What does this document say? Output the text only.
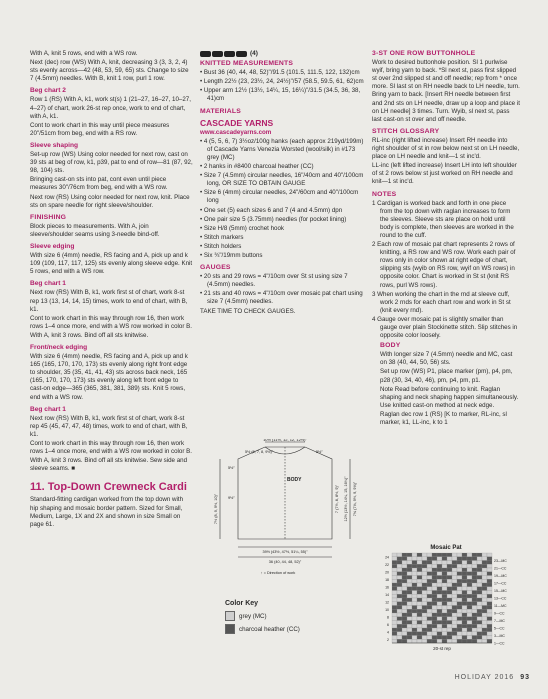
With A, knit 5 rows, end with a WS row.

Next (dec) row (WS) With A, knit, decreasing 3 (3, 3, 2, 4) sts evenly across—42 (48, 53, 59, 65) sts. Change to size 7 (4.5mm) needles. With B, knit 1 row, purl 1 row.

Beg chart 2

Row 1 (RS) With A, k1, work st(s) 1 (21–27, 16–27, 10–27, 4–27) of chart, work 26-st rep once, work to end of chart, with A, k1.

Cont to work chart in this way until piece measures 20"/51cm from beg, end with a RS row.

Sleeve shaping

Set-up row (WS) Using color needed for next row, cast on 39 sts at beg of row, k1, p39, pat to end of row—81 (87, 92, 98, 104) sts.

Bringing cast-on sts into pat, cont even until piece measures 30"/76cm from beg, end with a WS row.

Next row (RS) Using color needed for next row, knit. Place sts on spare needle for right sleeve/shoulder.

FINISHING

Block pieces to measurements. With A, join sleeve/shoulder seams using 3-needle bind-off.

Sleeve edging

With size 6 (4mm) needle, RS facing and A, pick up and k 109 (109, 117, 117, 125) sts evenly along sleeve edge. Knit 5 rows, end with a WS row.

Beg chart 1

Next row (RS) With B, k1, work first st of chart, work 8-st rep 13 (13, 14, 14, 15) times, work to end of chart, with B, k1.

Cont to work chart in this way through row 16, then work rows 1–4 once more, end with a WS row worked in color B.

With A, knit 3 rows. Bind off all sts knitwise.

Front/neck edging

With size 6 (4mm) needle, RS facing and A, pick up and k 165 (165, 170, 170, 173) sts evenly along right front edge to shoulder, 35 (35, 41, 41, 43) sts across back neck, 165 (165, 170, 170, 173) sts evenly along left front edge to cast-on edge—365 (365, 381, 381, 389) sts. Knit 5 rows, end with a WS row.

Beg chart 1

Next row (RS) With B, k1, work first st of chart, work 8-st rep 45 (45, 47, 47, 48) times, work to end of chart, with B, k1.

Cont to work chart in this way through row 16, then work rows 1–4 once more, end with a WS row worked in color B.

With A, knit 3 rows. Bind off all sts knitwise. Sew side and sleeve seams. ■

11. Top-Down Crewneck Cardi

Standard-fitting cardigan worked from the top down with hip shaping and mosaic border pattern. Sized for Small, Medium, Large, 1X and 2X and shown in size Small on page 61.

(4)

KNITTED MEASUREMENTS

• Bust 36 (40, 44, 48, 52)"/91.5 (101.5, 111.5, 122, 132)cm

• Length 22½ (23, 23½, 24, 24½)"/57 (58.5, 59.5, 61, 62)cm

• Upper arm 12½ (13½, 14¼, 15, 16¼)"/31.5 (34.5, 36, 38, 41)cm

MATERIALS

CASCADE YARNS

www.cascadeyarns.com

• 4 (5, 5, 6, 7) 3½oz/100g hanks (each approx 219yd/199m) of Cascade Yarns Venezia Worsted (wool/silk) in #173 grey (MC)

• 2 hanks in #8400 charcoal heather (CC)

• Size 7 (4.5mm) circular needles, 16"/40cm and 40"/100cm long, OR SIZE TO OBTAIN GAUGE

• Size 6 (4mm) circular needles, 24"/60cm and 40"/100cm long

• One set (5) each sizes 6 and 7 (4 and 4.5mm) dpn

• One pair size 5 (3.75mm) needles (for pocket lining)

• Size H/8 (5mm) crochet hook

• Stitch markers

• Stitch holders

• Six ¾"/19mm buttons

GAUGES

• 20 sts and 29 rows = 4"/10cm over St st using size 7 (4.5mm) needles.

• 21 sts and 40 rows = 4"/10cm over mosaic pat chart using size 7 (4.5mm) needles.

TAKE TIME TO CHECK GAUGES.

10½ (11½, 12, 12, 12½)"
5½ (6, 7, 8, 9½)"	5½"
BODY
7½ (8, 9, 9½, 10)"	9½"
5½"
12½ (13½, 14¼, 15, 16¼)"
7 (7½, 8, 8½, 9)"	7¾ (7¾, 9½, 9, 9¾)"
39½ (43½, 47½, 51¼, 55)"
36 (40, 44, 48, 52)"
↑ = Direction of work
Color Key
grey (MC)
charcoal heather (CC)

3-ST ONE ROW BUTTONHOLE

Work to desired buttonhole position. Sl 1 purlwise wyif, bring yarn to back. *Sl next st, pass first slipped st over 2nd slipped st and off needle; rep from * once more. Sl last st on RH needle back to LH needle, turn. Bring yarn to back. [Insert RH needle between first and 2nd sts on LH needle, draw up a loop and place it on LH needle] 3 times. Turn. Wyib, sl next st, pass last cast-on st over and off needle.

STITCH GLOSSARY

RL-inc (right lifted increase) Insert RH needle into right shoulder of st in row below next st on LH needle, place on LH needle and knit—1 st inc'd.

LL-inc (left lifted increase) Insert LH into left shoulder of st 2 rows below st just worked on RH needle and knit—1 st inc'd.

NOTES

1 Cardigan is worked back and forth in one piece from the top down with raglan increases to form the sleeves. Sleeve sts are place on hold until body is complete, then sleeves are worked in the round to the cuff.

2 Each row of mosaic pat chart represents 2 rows of knitting, a RS row and WS row. Work each pair of rows only in color shown at right edge of chart, slipping sts (wyib on RS row, wyif on WS rows) in opposite color. Chart is worked in St st (knit RS rows, purl WS rows).

3 When working the chart in the rnd at sleeve cuff, work 2 rnds for each chart row and work in St st (knit every rnd).

4 Gauge over mosaic pat is slightly smaller than gauge over plain Stockinette stitch. Slip stitches in opposite color loosely.

BODY

With longer size 7 (4.5mm) needle and MC, cast on 38 (40, 44, 50, 56) sts.

Set up row (WS) P1, place marker (pm), p4, pm, p28 (30, 34, 40, 46), pm, p4, pm, p1.

Note Read before continuing to knit. Raglan shaping and neck shaping happen simultaneously. Use knitted cast-on method at neck edge.

Raglan dec row 1 (RS) [K to marker, RL-inc, sl marker, k1, LL-inc, k to 1

Mosaic Pat
24
22
20
18
16
14
12
10
8
6
4
2
23—MC
21—CC
19—MC
17—CC
15—MC
13—CC
11—MC
9—CC
7—MC
5—CC
3—MC
1—CC
20-st rep
HOLIDAY 2016 93
